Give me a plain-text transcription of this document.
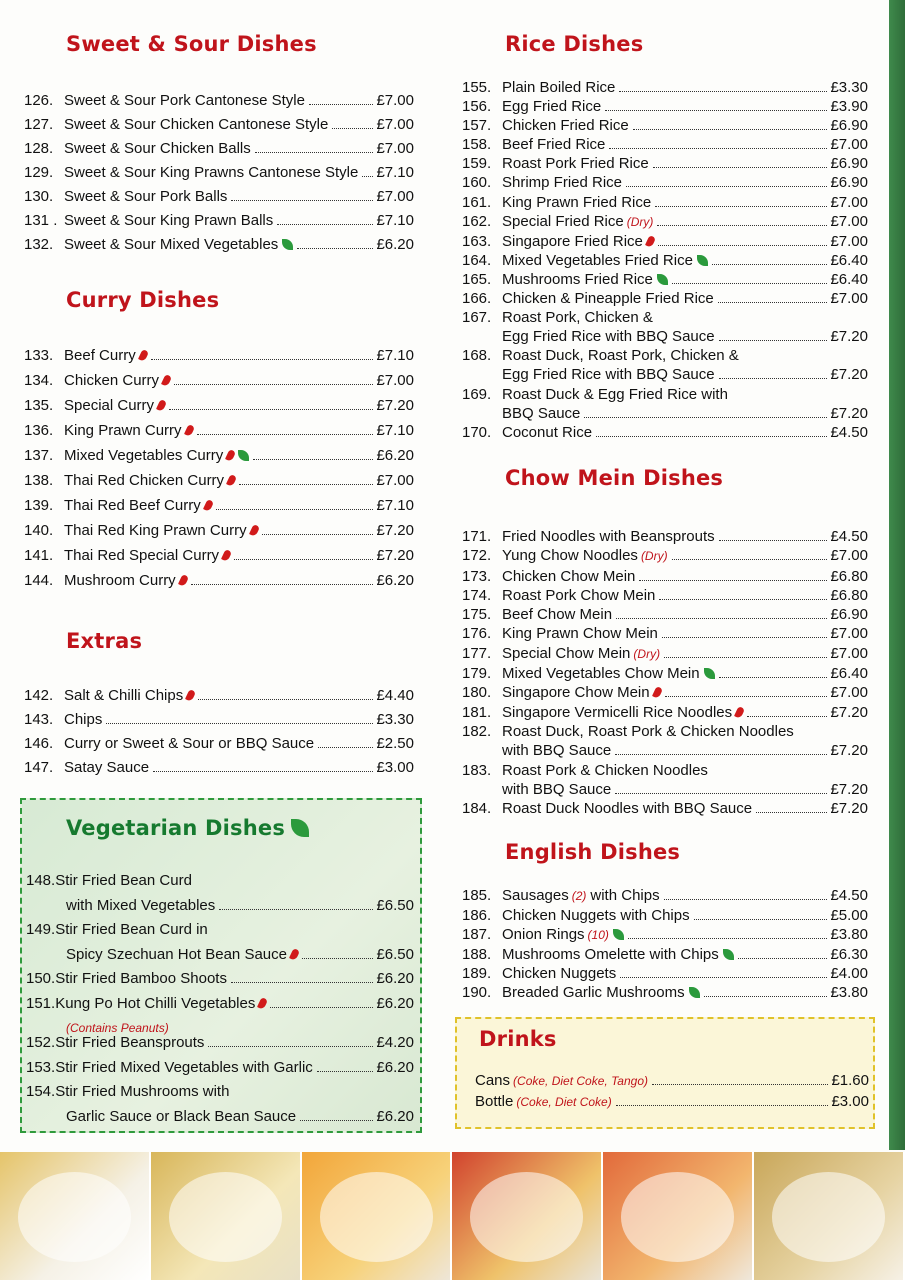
Sweet & Sour Dishes
126. Sweet & Sour Pork Cantonese Style	£7.00
127. Sweet & Sour Chicken Cantonese Style	£7.00
128. Sweet & Sour Chicken Balls	£7.00
129. Sweet & Sour King Prawns Cantonese Style £7.10
130. Sweet & Sour Pork Balls	£7.00
131 . Sweet & Sour King Prawn Balls	£7.10
132. Sweet & Sour Mixed Vegetables	£6.20
Curry Dishes
133. Beef Curry	£7.10
134. Chicken Curry	£7.00
135. Special Curry	£7.20
136. King Prawn Curry	£7.10
137. Mixed Vegetables Curry	£6.20
138. Thai Red Chicken Curry	£7.00
139. Thai Red Beef Curry	£7.10
140. Thai Red King Prawn Curry	£7.20
141. Thai Red Special Curry	£7.20
144. Mushroom Curry	£6.20
Extras
142. Salt & Chilli Chips	£4.40
143. Chips	£3.30
146. Curry or Sweet & Sour or BBQ Sauce	£2.50
147. Satay Sauce	£3.00
Vegetarian Dishes
148. Stir Fried Bean Curd
with Mixed Vegetables	£6.50
149. Stir Fried Bean Curd in
Spicy Szechuan Hot Bean Sauce	£6.50
150. Stir Fried Bamboo Shoots	£6.20
151. Kung Po Hot Chilli Vegetables	£6.20
(Contains Peanuts)
152. Stir Fried Beansprouts	£4.20
153. Stir Fried Mixed Vegetables with Garlic	£6.20
154. Stir Fried Mushrooms with
Garlic Sauce or Black Bean Sauce	£6.20
Rice Dishes
155. Plain Boiled Rice	£3.30
156. Egg Fried Rice	£3.90
157. Chicken Fried Rice	£6.90
158. Beef Fried Rice	£7.00
159. Roast Pork Fried Rice	£6.90
160. Shrimp Fried Rice	£6.90
161. King Prawn Fried Rice	£7.00
162. Special Fried Rice (Dry)	£7.00
163. Singapore Fried Rice	£7.00
164. Mixed Vegetables Fried Rice	£6.40
165. Mushrooms Fried Rice	£6.40
166. Chicken & Pineapple Fried Rice	£7.00
167. Roast Pork, Chicken &
Egg Fried Rice with BBQ Sauce	£7.20
168. Roast Duck, Roast Pork, Chicken &
Egg Fried Rice with BBQ Sauce	£7.20
169. Roast Duck & Egg Fried Rice with
BBQ Sauce	£7.20
170. Coconut Rice	£4.50
Chow Mein Dishes
171. Fried Noodles with Beansprouts	£4.50
172. Yung Chow Noodles (Dry)	£7.00
173. Chicken Chow Mein	£6.80
174. Roast Pork Chow Mein	£6.80
175. Beef Chow Mein	£6.90
176. King Prawn Chow Mein	£7.00
177. Special Chow Mein (Dry)	£7.00
179. Mixed Vegetables Chow Mein	£6.40
180. Singapore Chow Mein	£7.00
181. Singapore Vermicelli Rice Noodles	£7.20
182. Roast Duck, Roast Pork & Chicken Noodles
with BBQ Sauce	£7.20
183. Roast Pork & Chicken Noodles
with BBQ Sauce	£7.20
184. Roast Duck Noodles with BBQ Sauce	£7.20
English Dishes
185. Sausages (2) with Chips	£4.50
186. Chicken Nuggets with Chips	£5.00
187. Onion Rings (10)	£3.80
188. Mushrooms Omelette with Chips	£6.30
189. Chicken Nuggets	£4.00
190. Breaded Garlic Mushrooms	£3.80
Drinks
Cans (Coke, Diet Coke, Tango)	£1.60
Bottle (Coke, Diet Coke)	£3.00
